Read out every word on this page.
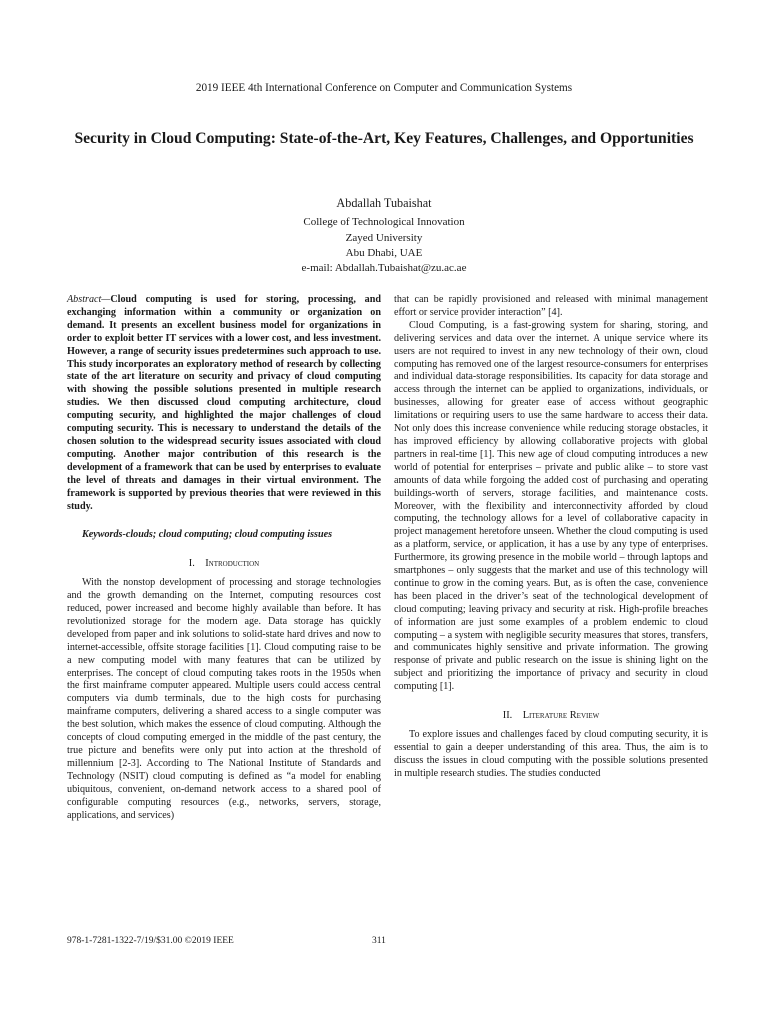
2019 IEEE 4th International Conference on Computer and Communication Systems
Security in Cloud Computing: State-of-the-Art, Key Features, Challenges, and Opportunities
Abdallah Tubaishat
College of Technological Innovation
Zayed University
Abu Dhabi, UAE
e-mail: Abdallah.Tubaishat@zu.ac.ae

Abstract—Cloud computing is used for storing, processing, and exchanging information within a community or organization on demand. It presents an excellent business model for organizations in order to exploit better IT services with a lower cost, and less investment. However, a range of security issues predetermines such approach to use. This study incorporates an exploratory method of research by collecting state of the art literature on security and privacy of cloud computing with showing the possible solutions presented in multiple research studies. We then discussed cloud computing architecture, cloud computing security, and highlighted the major challenges of cloud computing security. This is necessary to understand the details of the chosen solution to the widespread security issues associated with cloud computing. Another major contribution of this research is the development of a framework that can be used by enterprises to evaluate the level of threats and damages in their virtual environment. The framework is supported by previous theories that were reviewed in this study.

Keywords-clouds; cloud computing; cloud computing issues

I. Introduction

With the nonstop development of processing and storage technologies and the growth demanding on the Internet, computing resources cost reduced, power increased and become highly available than before. It has revolutionized storage for the modern age. Data storage has quickly developed from paper and ink solutions to solid-state hard drives and now to internet-accessible, offsite storage facilities [1]. Cloud computing raise to be a new computing model with many features that can be utilized by enterprises. The concept of cloud computing takes roots in the 1950s when the first mainframe computer appeared. Multiple users could access central computers via dumb terminals, due to the high costs for purchasing mainframe computers, delivering a shared access to a single computer was the best solution, which makes the essence of cloud computing. Although the concepts of cloud computing emerged in the middle of the past century, the true picture and benefits were only put into action at the threshold of millennium [2-3]. According to The National Institute of Standards and Technology (NSIT) cloud computing is defined as “a model for enabling ubiquitous, convenient, on-demand network access to a shared pool of configurable computing resources (e.g., networks, servers, storage, applications, and services)

that can be rapidly provisioned and released with minimal management effort or service provider interaction” [4].

Cloud Computing, is a fast-growing system for sharing, storing, and delivering services and data over the internet. A unique service where its users are not required to invest in any new technology of their own, cloud computing has removed one of the largest resource-consumers for enterprises and individual data-storage responsibilities. Its capacity for data storage and access through the internet can be applied to organizations, individuals, or businesses, allowing for greater ease of access without geographic limitations or requiring users to use the same hardware to access their data. Not only does this increase convenience while reducing storage obstacles, it has improved efficiency by allowing collaborative projects with global partners in real-time [1]. This new age of cloud computing introduces a new world of potential for enterprises – private and public alike – to store vast amounts of data while forgoing the added cost of purchasing and operating buildings-worth of servers, storage facilities, and maintenance costs. Moreover, with the flexibility and interconnectivity afforded by cloud computing, the technology allows for a level of collaborative capacity in project management heretofore unseen. Whether the cloud computing is used as a platform, service, or application, it has a use by any type of enterprises. Furthermore, its growing presence in the mobile world – through laptops and smartphones – only suggests that the market and use of this technology will continue to grow in the coming years. But, as is often the case, convenience has been placed in the driver’s seat of the technological development of cloud computing; leaving privacy and security at risk. High-profile breaches of information are just some examples of a problem endemic to cloud computing – a system with negligible security measures that stores, transfers, and communicates highly sensitive and private information. The growing response of private and public research on the issue is shining light on the subject and prioritizing the importance of privacy and security in cloud computing [1].

II. Literature Review

To explore issues and challenges faced by cloud computing security, it is essential to gain a deeper understanding of this area. Thus, the aim is to discuss the issues in cloud computing with the possible solutions presented in multiple research studies. The studies conducted

978-1-7281-1322-7/19/$31.00 ©2019 IEEE	311
